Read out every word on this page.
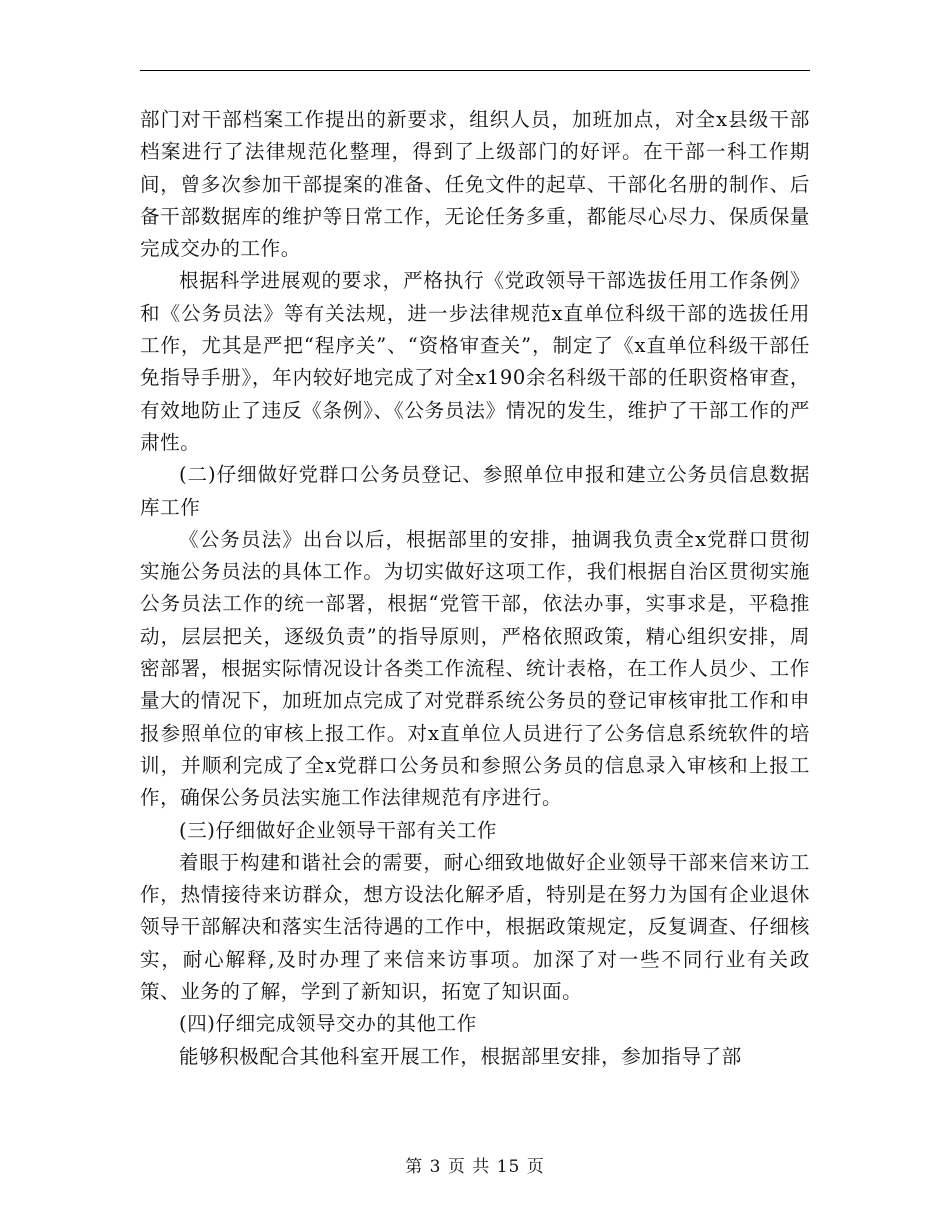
部门对干部档案工作提出的新要求，组织人员，加班加点，对全x县级干部档案进行了法律规范化整理，得到了上级部门的好评。在干部一科工作期间，曾多次参加干部提案的准备、任免文件的起草、干部化名册的制作、后备干部数据库的维护等日常工作，无论任务多重，都能尽心尽力、保质保量完成交办的工作。

根据科学进展观的要求，严格执行《党政领导干部选拔任用工作条例》和《公务员法》等有关法规，进一步法律规范x直单位科级干部的选拔任用工作，尤其是严把“程序关”、“资格审查关”，制定了《x直单位科级干部任免指导手册》，年内较好地完成了对全x190余名科级干部的任职资格审查，有效地防止了违反《条例》、《公务员法》情况的发生，维护了干部工作的严肃性。

(二)仔细做好党群口公务员登记、参照单位申报和建立公务员信息数据库工作

《公务员法》出台以后，根据部里的安排，抽调我负责全x党群口贯彻实施公务员法的具体工作。为切实做好这项工作，我们根据自治区贯彻实施公务员法工作的统一部署，根据“党管干部，依法办事，实事求是，平稳推动，层层把关，逐级负责”的指导原则，严格依照政策，精心组织安排，周密部署，根据实际情况设计各类工作流程、统计表格，在工作人员少、工作量大的情况下，加班加点完成了对党群系统公务员的登记审核审批工作和申报参照单位的审核上报工作。对x直单位人员进行了公务信息系统软件的培训，并顺利完成了全x党群口公务员和参照公务员的信息录入审核和上报工作，确保公务员法实施工作法律规范有序进行。

(三)仔细做好企业领导干部有关工作

着眼于构建和谐社会的需要，耐心细致地做好企业领导干部来信来访工作，热情接待来访群众，想方设法化解矛盾，特别是在努力为国有企业退休领导干部解决和落实生活待遇的工作中，根据政策规定，反复调查、仔细核实，耐心解释,及时办理了来信来访事项。加深了对一些不同行业有关政策、业务的了解，学到了新知识，拓宽了知识面。

(四)仔细完成领导交办的其他工作

能够积极配合其他科室开展工作，根据部里安排，参加指导了部

第 3 页 共 15 页
